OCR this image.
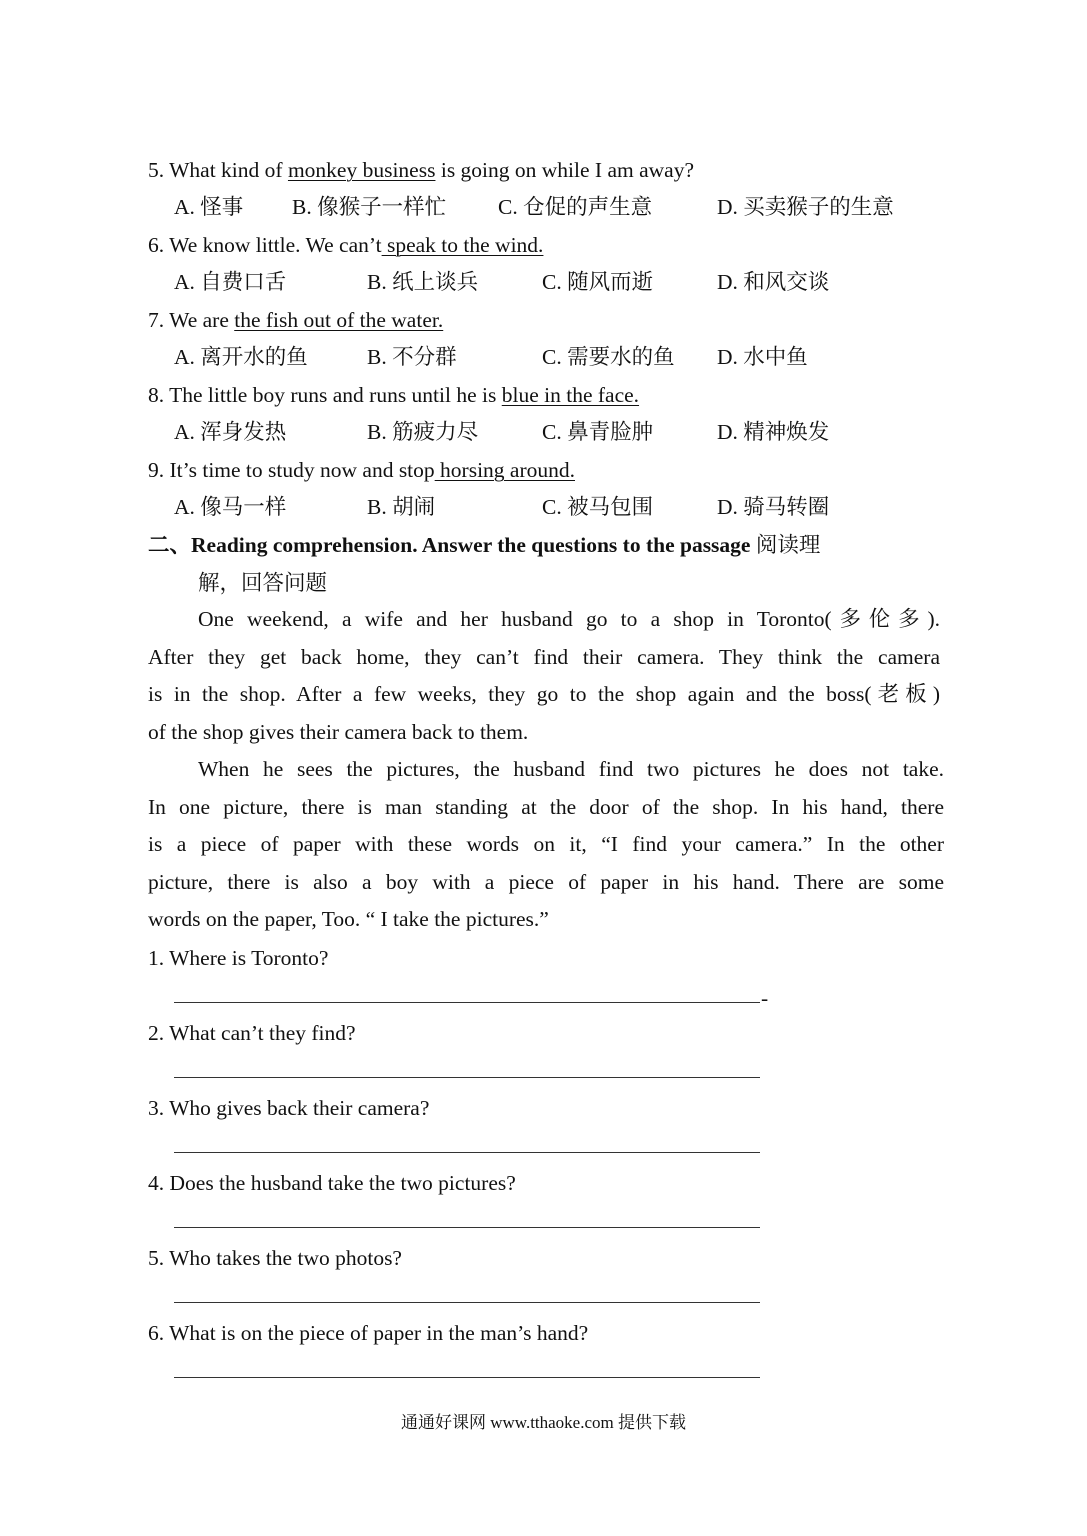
5. What kind of monkey business is going on while I am away?
A. 怪事 B. 像猴子一样忙 C. 仓促的声生意	D. 买卖猴子的生意
6. We know little. We can’t speak to the wind.
A. 自费口舌	B. 纸上谈兵	C. 随风而逝	D. 和风交谈
7. We are the fish out of the water.
A. 离开水的鱼	B. 不分群	C. 需要水的鱼 D. 水中鱼
8. The little boy runs and runs until he is blue in the face.
A. 浑身发热	B. 筋疲力尽	C. 鼻青脸肿	D. 精神焕发
9. It’s time to study now and stop horsing around.
A. 像马一样	B. 胡闹	C. 被马包围	D. 骑马转圈
二、Reading comprehension. Answer the questions to the passage 阅读理
解，回答问题
One weekend, a wife and her husband go to a shop in Toronto(多伦多).
After they get back home, they can’t find their camera. They think the camera
is in the shop. After a few weeks, they go to the shop again and the boss(老板)
of the shop gives their camera back to them.
When he sees the pictures, the husband find two pictures he does not take.
In one picture, there is man standing at the door of the shop. In his hand, there
is a piece of paper with these words on it, “I find your camera.” In the other
picture, there is also a boy with a piece of paper in his hand. There are some
words on the paper, Too. “ I take the pictures.”
1. Where is Toronto?
-
2. What can’t they find?
3. Who gives back their camera?
4. Does the husband take the two pictures?
5. Who takes the two photos?
6. What is on the piece of paper in the man’s hand?
通通好课网 www.tthaoke.com 提供下载
